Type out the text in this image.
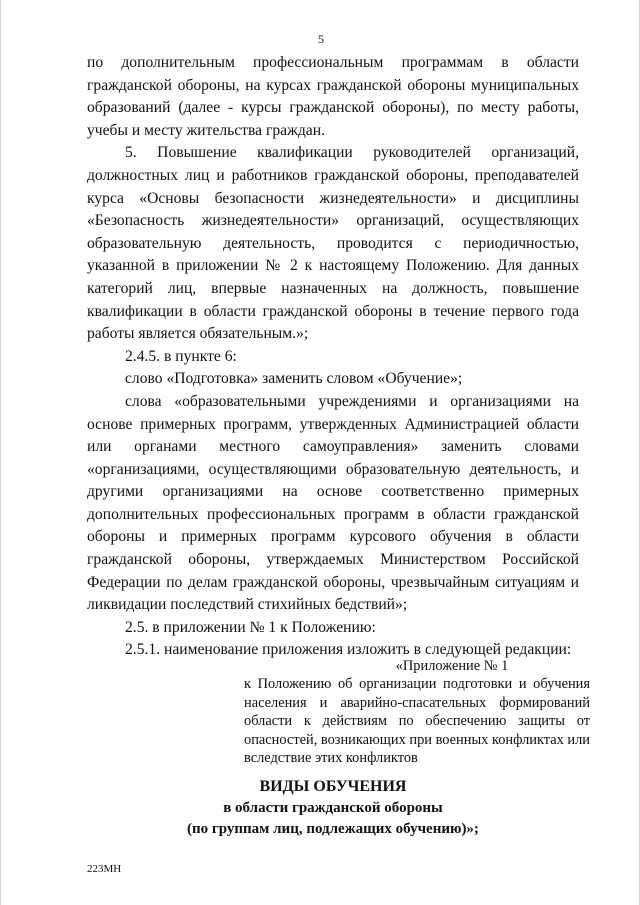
5

по дополнительным профессиональным программам в области гражданской обороны, на курсах гражданской обороны муниципальных образований (далее - курсы гражданской обороны), по месту работы, учебы и месту жительства граждан.

5. Повышение квалификации руководителей организаций, должностных лиц и работников гражданской обороны, преподавателей курса «Основы безопасности жизнедеятельности» и дисциплины «Безопасность жизнедеятельности» организаций, осуществляющих образовательную деятельность, проводится с периодичностью, указанной в приложении № 2 к настоящему Положению. Для данных категорий лиц, впервые назначенных на должность, повышение квалификации в области гражданской обороны в течение первого года работы является обязательным.»;

2.4.5. в пункте 6:

слово «Подготовка» заменить словом «Обучение»;

слова «образовательными учреждениями и организациями на основе примерных программ, утвержденных Администрацией области или органами местного самоуправления» заменить словами «организациями, осуществляющими образовательную деятельность, и другими организациями на основе соответственно примерных дополнительных профессиональных программ в области гражданской обороны и примерных программ курсового обучения в области гражданской обороны, утверждаемых Министерством Российской Федерации по делам гражданской обороны, чрезвычайным ситуациям и ликвидации последствий стихийных бедствий»;

2.5. в приложении № 1 к Положению:

2.5.1. наименование приложения изложить в следующей редакции:

«Приложение № 1

к Положению об организации подготовки и обучения населения и аварийно-спасательных формирований области к действиям по обеспечению защиты от опасностей, возникающих при военных конфликтах или вследствие этих конфликтов

ВИДЫ ОБУЧЕНИЯ

в области гражданской обороны

(по группам лиц, подлежащих обучению)»;

223МН
